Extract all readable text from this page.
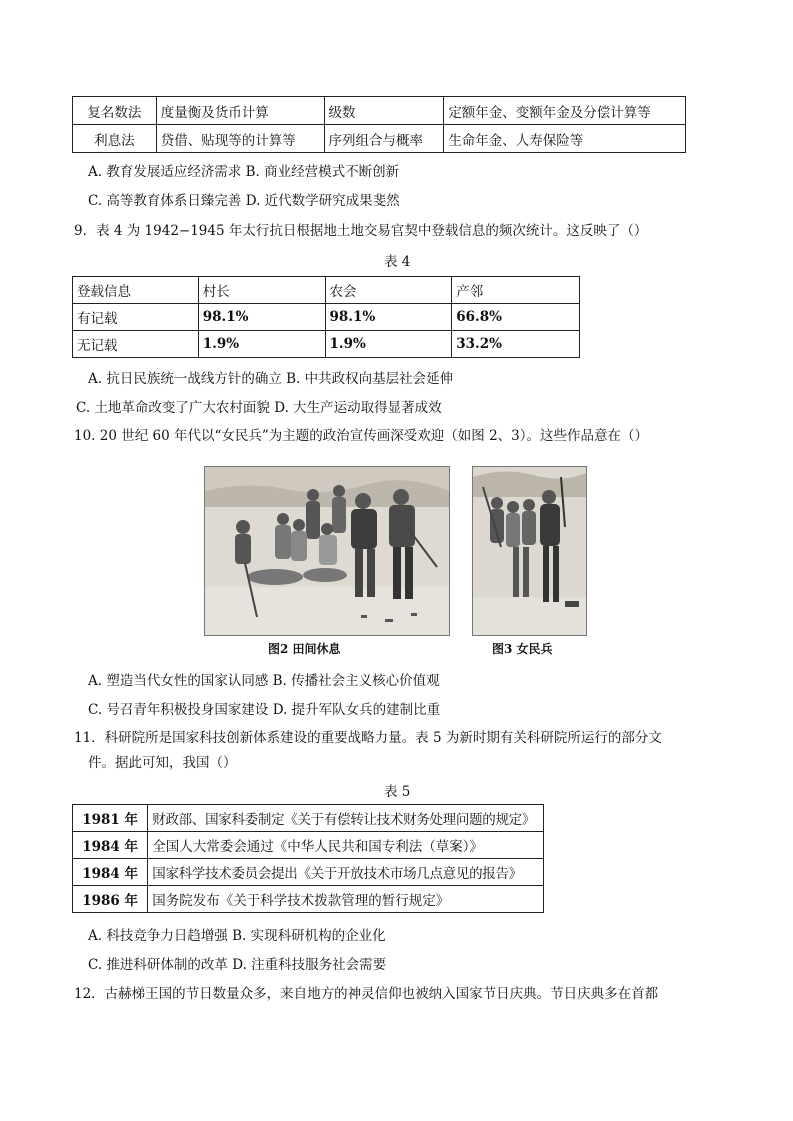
复名数法	度量衡及货币计算	级数	定额年金、变额年金及分偿计算等
利息法	贷借、贴现等的计算等	序列组合与概率	生命年金、人寿保险等
A. 教育发展适应经济需求 B. 商业经营模式不断创新
C. 高等教育体系日臻完善 D. 近代数学研究成果斐然
9．表 4 为 1942−1945 年太行抗日根据地土地交易官契中登载信息的频次统计。这反映了（）
表 4
登载信息	村长	农会	产邻
有记载	98.1%	98.1%	66.8%
无记载	1.9%	1.9%	33.2%
A. 抗日民族统一战线方针的确立 B. 中共政权向基层社会延伸
C. 土地革命改变了广大农村面貌 D. 大生产运动取得显著成效
10. 20 世纪 60 年代以“女民兵”为主题的政治宣传画深受欢迎（如图 2、3）。这些作品意在（）
图2 田间休息	图3 女民兵
A. 塑造当代女性的国家认同感 B. 传播社会主义核心价值观
C. 号召青年积极投身国家建设 D. 提升军队女兵的建制比重
11．科研院所是国家科技创新体系建设的重要战略力量。表 5 为新时期有关科研院所运行的部分文
件。据此可知，我国（）
表 5
1981 年	财政部、国家科委制定《关于有偿转让技术财务处理问题的规定》
1984 年	全国人大常委会通过《中华人民共和国专利法（草案）》
1984 年	国家科学技术委员会提出《关于开放技术市场几点意见的报告》
1986 年	国务院发布《关于科学技术拨款管理的暂行规定》
A. 科技竞争力日趋增强 B. 实现科研机构的企业化
C. 推进科研体制的改革 D. 注重科技服务社会需要
12．古赫梯王国的节日数量众多，来自地方的神灵信仰也被纳入国家节日庆典。节日庆典多在首都
